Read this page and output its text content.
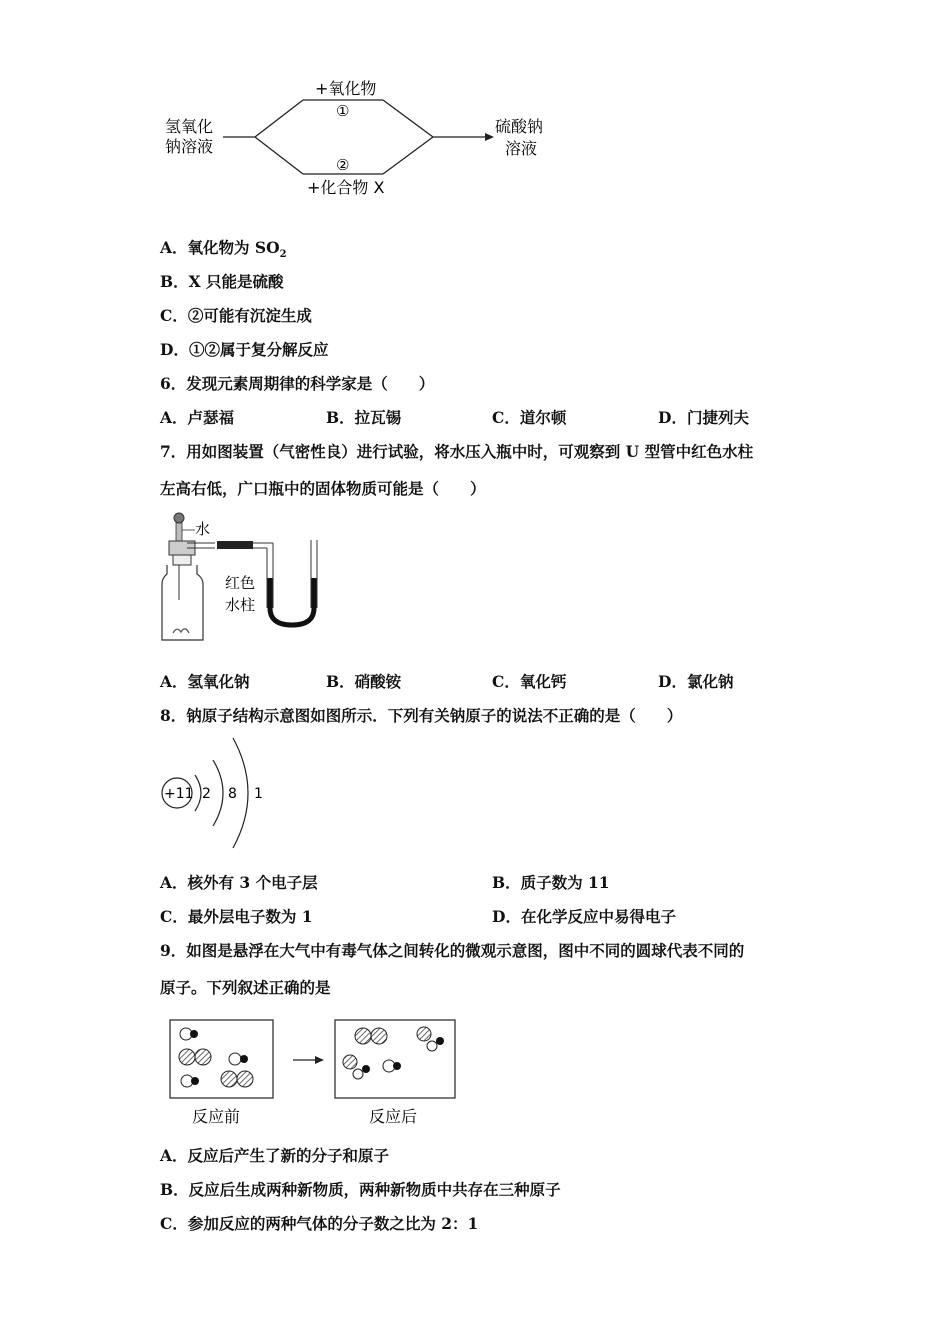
氢氧化
钠溶液
+氧化物
①
②
+化合物 X
硫酸钠
溶液
A．氧化物为 $SO_2$
B．X 只能是硫酸
C．②可能有沉淀生成
D．①②属于复分解反应
6．发现元素周期律的科学家是（　　）
A．卢瑟福	B．拉瓦锡	C．道尔顿	D．门捷列夫
7．用如图装置（气密性良）进行试验，将水压入瓶中时，可观察到 U 型管中红色水柱
左高右低，广口瓶中的固体物质可能是（　　）
水
红色
水柱
A．氢氧化钠	B．硝酸铵	C．氧化钙	D．氯化钠
8．钠原子结构示意图如图所示．下列有关钠原子的说法不正确的是（　　）
+11 2 8 1
A．核外有 3 个电子层	B．质子数为 11
C．最外层电子数为 1	D．在化学反应中易得电子
9．如图是悬浮在大气中有毒气体之间转化的微观示意图，图中不同的圆球代表不同的
原子。下列叙述正确的是
反应前	反应后
A．反应后产生了新的分子和原子
B．反应后生成两种新物质，两种新物质中共存在三种原子
C．参加反应的两种气体的分子数之比为 2：1
